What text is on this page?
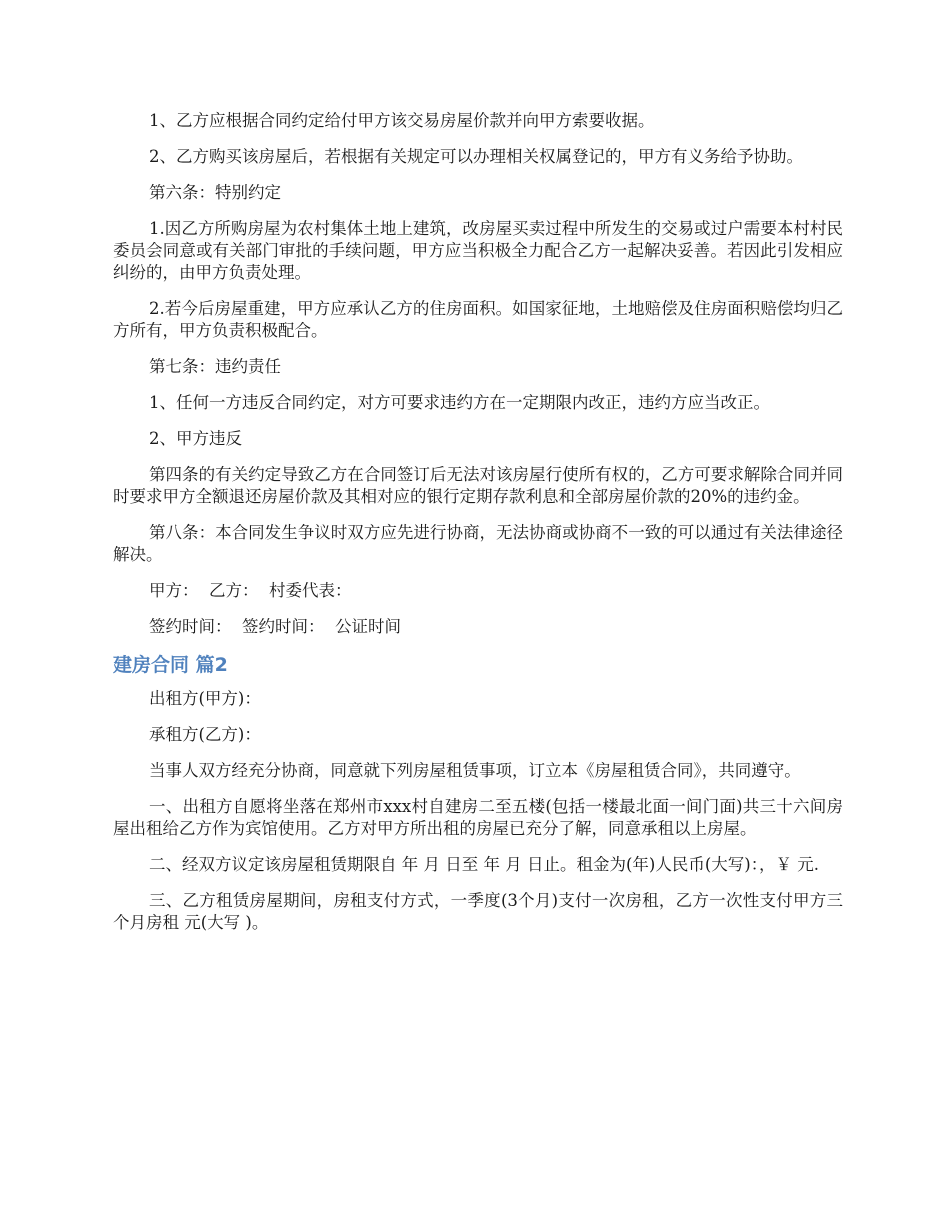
1、乙方应根据合同约定给付甲方该交易房屋价款并向甲方索要收据。

2、乙方购买该房屋后，若根据有关规定可以办理相关权属登记的，甲方有义务给予协助。

第六条：特别约定

1.因乙方所购房屋为农村集体土地上建筑，改房屋买卖过程中所发生的交易或过户需要本村村民委员会同意或有关部门审批的手续问题，甲方应当积极全力配合乙方一起解决妥善。若因此引发相应纠纷的，由甲方负责处理。

2.若今后房屋重建，甲方应承认乙方的住房面积。如国家征地，土地赔偿及住房面积赔偿均归乙方所有，甲方负责积极配合。

第七条：违约责任

1、任何一方违反合同约定，对方可要求违约方在一定期限内改正，违约方应当改正。

2、甲方违反

第四条的有关约定导致乙方在合同签订后无法对该房屋行使所有权的，乙方可要求解除合同并同时要求甲方全额退还房屋价款及其相对应的银行定期存款利息和全部房屋价款的20%的违约金。

第八条：本合同发生争议时双方应先进行协商，无法协商或协商不一致的可以通过有关法律途径解决。

甲方：  乙方：  村委代表：

签约时间：  签约时间：  公证时间

建房合同 篇2

出租方(甲方)：

承租方(乙方)：

当事人双方经充分协商，同意就下列房屋租赁事项，订立本《房屋租赁合同》，共同遵守。

一、出租方自愿将坐落在郑州市xxx村自建房二至五楼(包括一楼最北面一间门面)共三十六间房屋出租给乙方作为宾馆使用。乙方对甲方所出租的房屋已充分了解，同意承租以上房屋。

二、经双方议定该房屋租赁期限自 年 月 日至 年 月 日止。租金为(年)人民币(大写)：，￥ 元.

三、乙方租赁房屋期间，房租支付方式，一季度(3个月)支付一次房租，乙方一次性支付甲方三个月房租 元(大写 )。
